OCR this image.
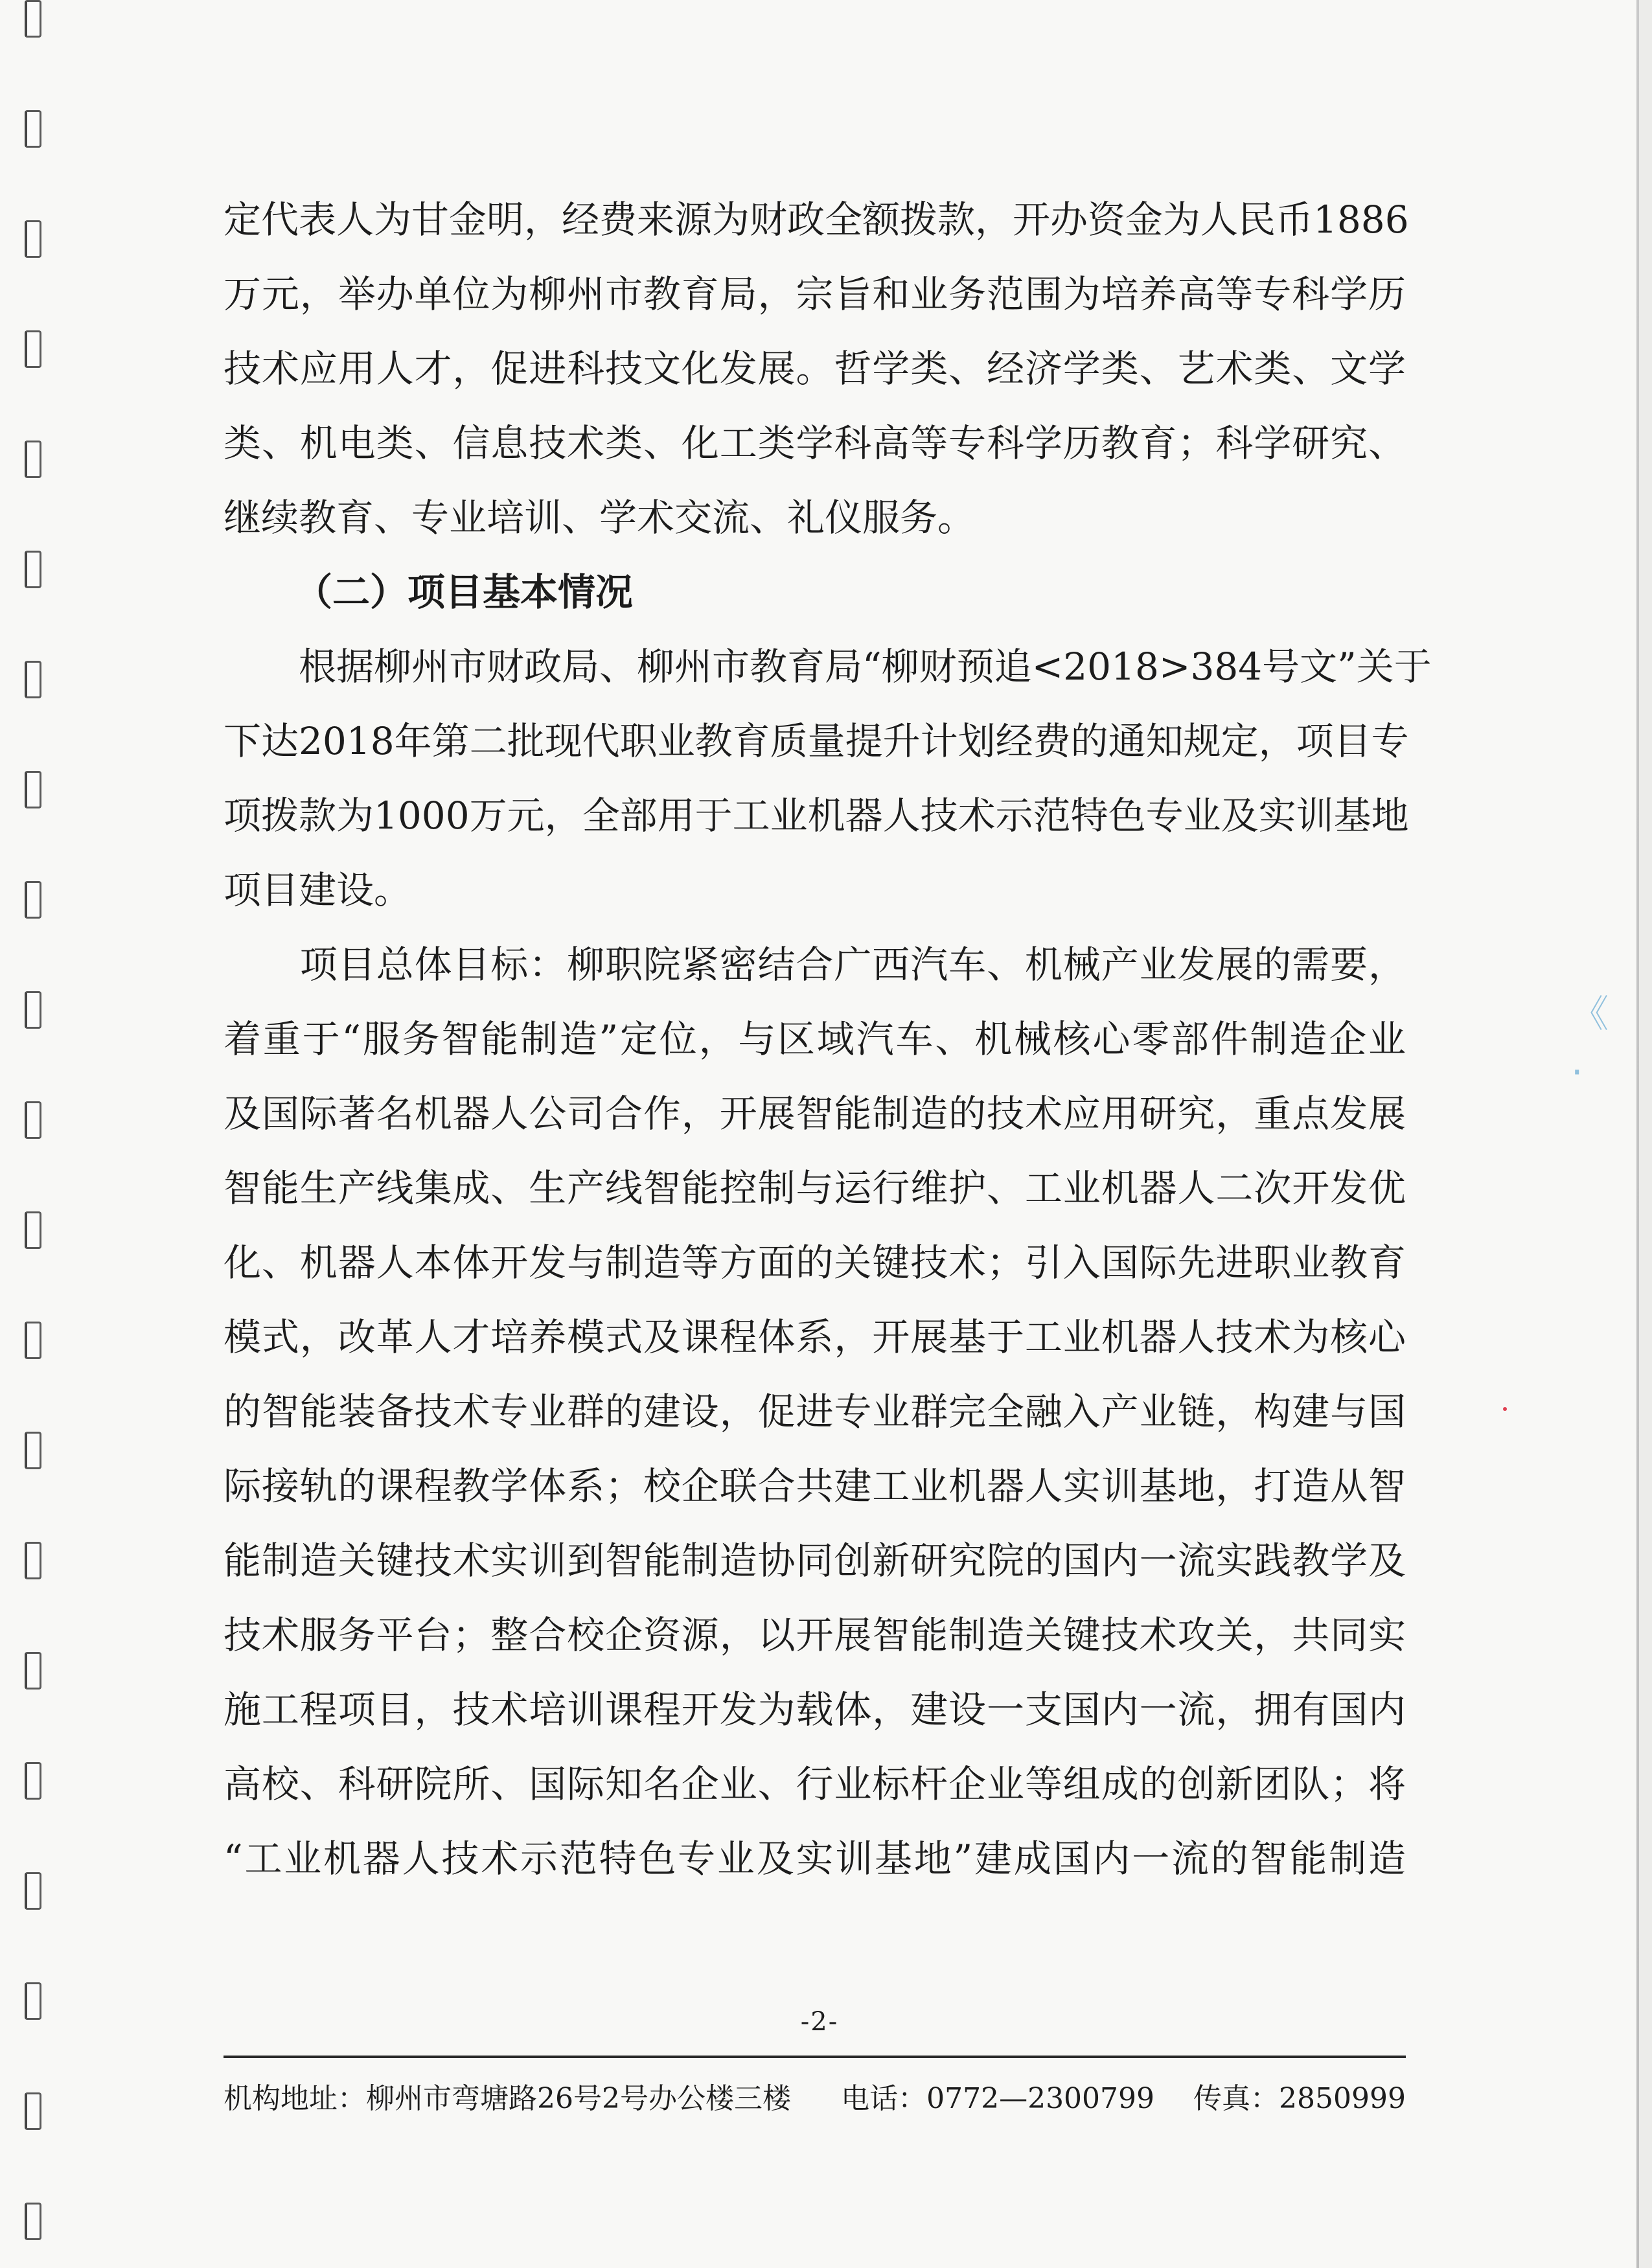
《 ·
定代表人为甘金明，经费来源为财政全额拨款，开办资金为人民币1886
万元，举办单位为柳州市教育局，宗旨和业务范围为培养高等专科学历
技术应用人才，促进科技文化发展。哲学类、经济学类、艺术类、文学
类、机电类、信息技术类、化工类学科高等专科学历教育；科学研究、
继续教育、专业培训、学术交流、礼仪服务。
（二）项目基本情况
　　根据柳州市财政局、柳州市教育局“柳财预追<2018>384号文”关于
下达2018年第二批现代职业教育质量提升计划经费的通知规定，项目专
项拨款为1000万元，全部用于工业机器人技术示范特色专业及实训基地
项目建设。
　　项目总体目标：柳职院紧密结合广西汽车、机械产业发展的需要，
着重于“服务智能制造”定位，与区域汽车、机械核心零部件制造企业
及国际著名机器人公司合作，开展智能制造的技术应用研究，重点发展
智能生产线集成、生产线智能控制与运行维护、工业机器人二次开发优
化、机器人本体开发与制造等方面的关键技术；引入国际先进职业教育
模式，改革人才培养模式及课程体系，开展基于工业机器人技术为核心
的智能装备技术专业群的建设，促进专业群完全融入产业链，构建与国
际接轨的课程教学体系；校企联合共建工业机器人实训基地，打造从智
能制造关键技术实训到智能制造协同创新研究院的国内一流实践教学及
技术服务平台；整合校企资源，以开展智能制造关键技术攻关，共同实
施工程项目，技术培训课程开发为载体，建设一支国内一流，拥有国内
高校、科研院所、国际知名企业、行业标杆企业等组成的创新团队；将
“工业机器人技术示范特色专业及实训基地”建成国内一流的智能制造
-2-
机构地址：柳州市弯塘路26号2号办公楼三楼 电话：0772—2300799 传真：2850999
